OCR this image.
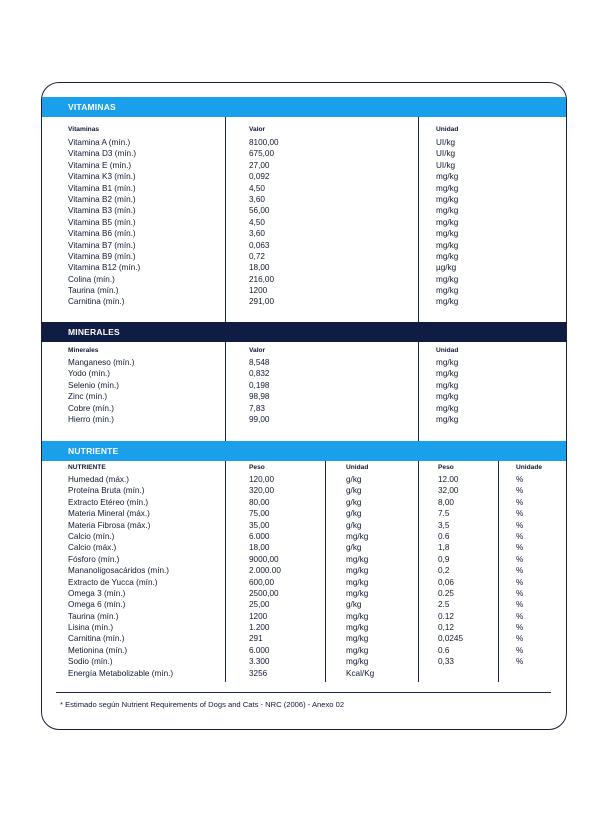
VITAMINAS
Vitaminas	Valor	Unidad
Vitamina A (mín.)	8100,00	UI/kg
Vitamina D3 (mín.)	675,00	UI/kg
Vitamina E (mín.)	27,00	UI/kg
Vitamina K3 (mín.)	0,092	mg/kg
Vitamina B1 (mín.)	4,50	mg/kg
Vitamina B2 (mín.)	3,60	mg/kg
Vitamina B3 (mín.)	56,00	mg/kg
Vitamina B5 (mín.)	4,50	mg/kg
Vitamina B6 (mín.)	3,60	mg/kg
Vitamina B7 (mín.)	0,063	mg/kg
Vitamina B9 (mín.)	0,72	mg/kg
Vitamina B12 (mín.)	18,00	µg/kg
Colina (mín.)	216,00	mg/kg
Taurina (mín.)	1200	mg/kg
Carnitina (mín.)	291,00	mg/kg
MINERALES
Minerales	Valor	Unidad
Manganeso (mín.)	8,548	mg/kg
Yodo (mín.)	0,832	mg/kg
Selenio (mín.)	0,198	mg/kg
Zinc (mín.)	98,98	mg/kg
Cobre (mín.)	7,83	mg/kg
Hierro (mín.)	99,00	mg/kg
NUTRIENTE
NUTRIENTE	Peso	Unidad	Peso	Unidade
Humedad (máx.)	120,00	g/kg	12.00	%
Proteína Bruta (mín.)	320,00	g/kg	32,00	%
Extracto Etéreo (mín.)	80,00	g/kg	8,00	%
Materia Mineral (máx.)	75,00	g/kg	7.5	%
Materia Fibrosa (máx.)	35,00	g/kg	3,5	%
Calcio (mín.)	6.000	mg/kg	0.6	%
Calcio (máx.)	18,00	g/kg	1,8	%
Fósforo (mín.)	9000,00	mg/kg	0,9	%
Mananoligosacáridos (mín.)	2.000.00	mg/kg	0,2	%
Extracto de Yucca (mín.)	600,00	mg/kg	0,06	%
Omega 3 (mín.)	2500,00	mg/kg	0.25	%
Omega 6 (mín.)	25,00	g/kg	2.5	%
Taurina (mín.)	1200	mg/kg	0.12	%
Lisina (mín.)	1.200	mg/kg	0,12	%
Carnitina (mín.)	291	mg/kg	0,0245	%
Metionina (mín.)	6.000	mg/kg	0.6	%
Sodio (mín.)	3.300	mg/kg	0,33	%
Energía Metabolizable (mín.)	3256	Kcal/Kg
* Estimado según Nutrient Requirements of Dogs and Cats - NRC (2006) - Anexo 02
